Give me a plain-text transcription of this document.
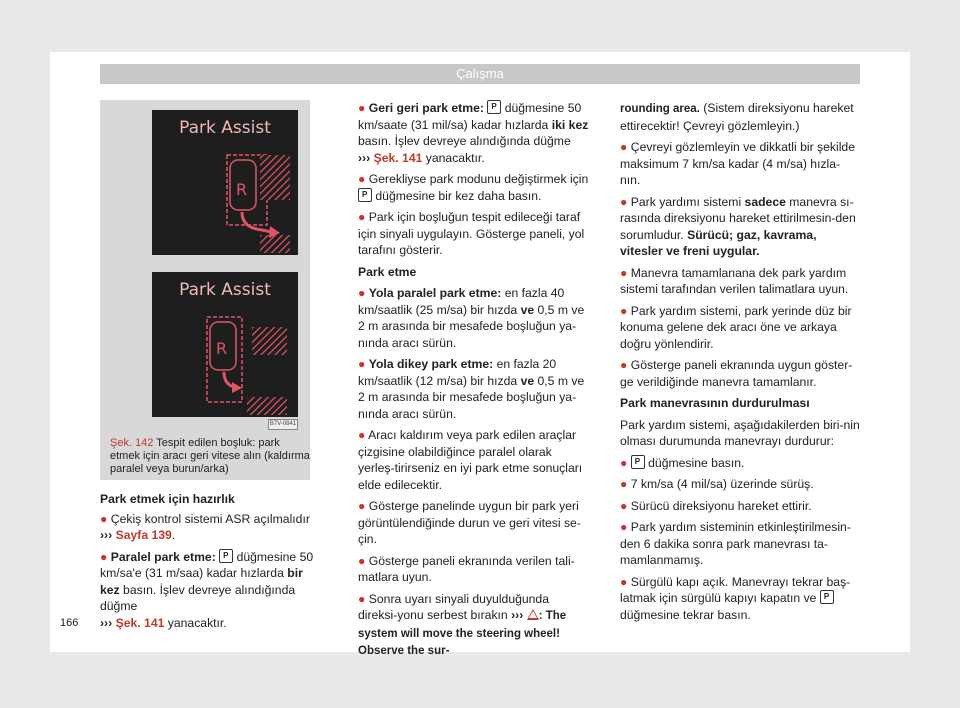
Çalışma
Park Assist
R
Park Assist
R
B7V-0841
Şek. 142 Tespit edilen boşluk: park etmek için aracı geri vitese alın (kaldırma paralel veya burun/arka)

Park etmek için hazırlık

● Çekiş kontrol sistemi ASR açılmalıdır
››› Sayfa 139.

● Paralel park etme: P düğmesine 50 km/sa'e (31 m/saa) kadar hızlarda bir kez basın. İşlev devreye alındığında düğme
››› Şek. 141 yanacaktır.

● Geri geri park etme: P düğmesine 50 km/saate (31 mil/sa) kadar hızlarda iki kez basın. İşlev devreye alındığında düğme
››› Şek. 141 yanacaktır.

● Gerekliyse park modunu değiştirmek için
P düğmesine bir kez daha basın.

● Park için boşluğun tespit edileceği taraf için sinyali uygulayın. Gösterge paneli, yol tarafını gösterir.

Park etme

● Yola paralel park etme: en fazla 40 km/saatlik (25 m/sa) bir hızda ve 0,5 m ve 2 m arasında bir mesafede boşluğun ya-nında aracı sürün.

● Yola dikey park etme: en fazla 20 km/saatlik (12 m/sa) bir hızda ve 0,5 m ve 2 m arasında bir mesafede boşluğun ya-nında aracı sürün.

● Aracı kaldırım veya park edilen araçlar çizgisine olabildiğince paralel olarak yerleş-tirirseniz en iyi park etme sonuçları elde edilecektir.

● Gösterge panelinde uygun bir park yeri görüntülendiğinde durun ve geri vitesi se-çin.

● Gösterge paneli ekranında verilen tali-matlara uyun.

● Sonra uyarı sinyali duyulduğunda direksi-yonu serbest bırakın ››› : The system will move the steering wheel! Observe the sur-

rounding area. (Sistem direksiyonu hareket ettirecektir! Çevreyi gözlemleyin.)

● Çevreyi gözlemleyin ve dikkatli bir şekilde maksimum 7 km/sa kadar (4 m/sa) hızla-nın.

● Park yardımı sistemi sadece manevra sı-rasında direksiyonu hareket ettirilmesin-den sorumludur. Sürücü; gaz, kavrama, vitesler ve freni uygular.

● Manevra tamamlanana dek park yardım sistemi tarafından verilen talimatlara uyun.

● Park yardım sistemi, park yerinde düz bir konuma gelene dek aracı öne ve arkaya doğru yönlendirir.

● Gösterge paneli ekranında uygun göster-ge verildiğinde manevra tamamlanır.

Park manevrasının durdurulması

Park yardım sistemi, aşağıdakilerden biri-nin olması durumunda manevrayı durdurur:

● P düğmesine basın.

● 7 km/sa (4 mil/sa) üzerinde sürüş.

● Sürücü direksiyonu hareket ettirir.

● Park yardım sisteminin etkinleştirilmesin-den 6 dakika sonra park manevrası ta-mamlanmamış.

● Sürgülü kapı açık. Manevrayı tekrar baş-latmak için sürgülü kapıyı kapatın ve P
düğmesine tekrar basın.

166
